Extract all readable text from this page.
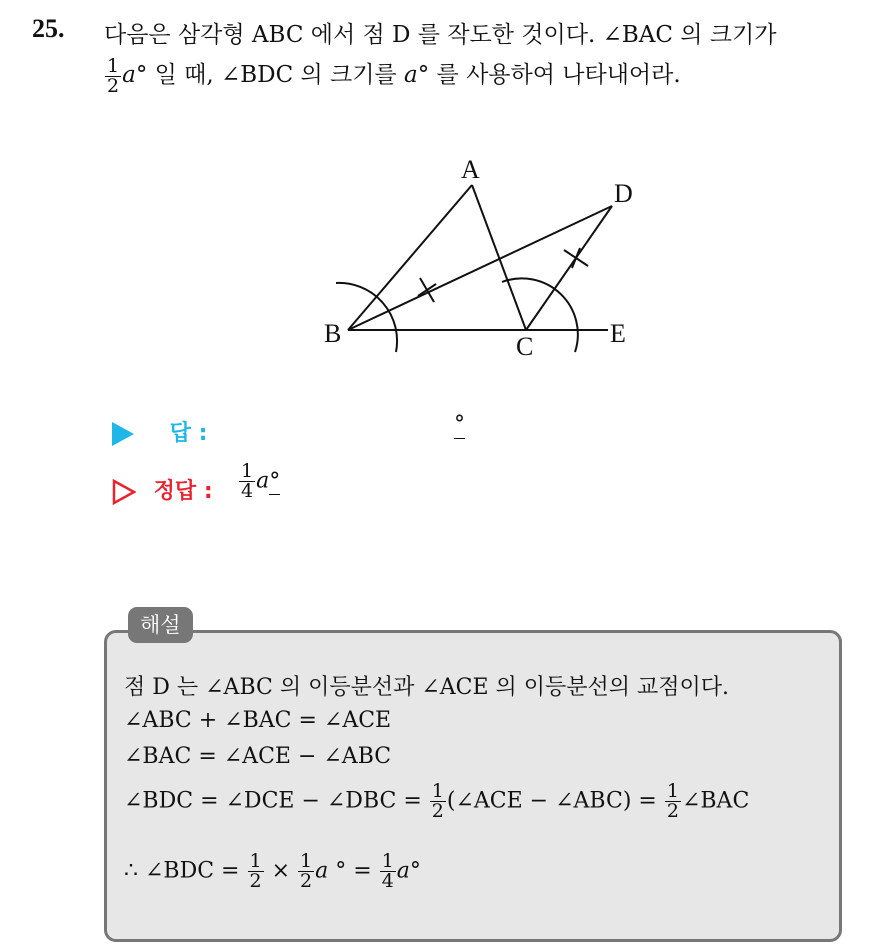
25. 다음은 삼각형 ABC 에서 점 D 를 작도한 것이다. ∠BAC 의 크기가
$\frac{1}{2} a^\circ$ 일 때, ∠BDC 의 크기를 a° 를 사용하여 나타내어라.
A
B	C
D
E
답 :	°
정답 : $\frac{1}{4} a^\circ$
해설
점 D 는 ∠ABC 의 이등분선과 ∠ACE 의 이등분선의 교점이다.
∠ABC + ∠BAC = ∠ACE
∠BAC = ∠ACE − ∠ABC
∠BDC = ∠DCE − ∠DBC = $\frac{1}{2}$ (∠ACE − ∠ABC) = $\frac{1}{2}$ ∠BAC
∴ ∠BDC = $\frac{1}{2} \times \frac{1}{2}$ a ° = $\frac{1}{4} a^\circ$
